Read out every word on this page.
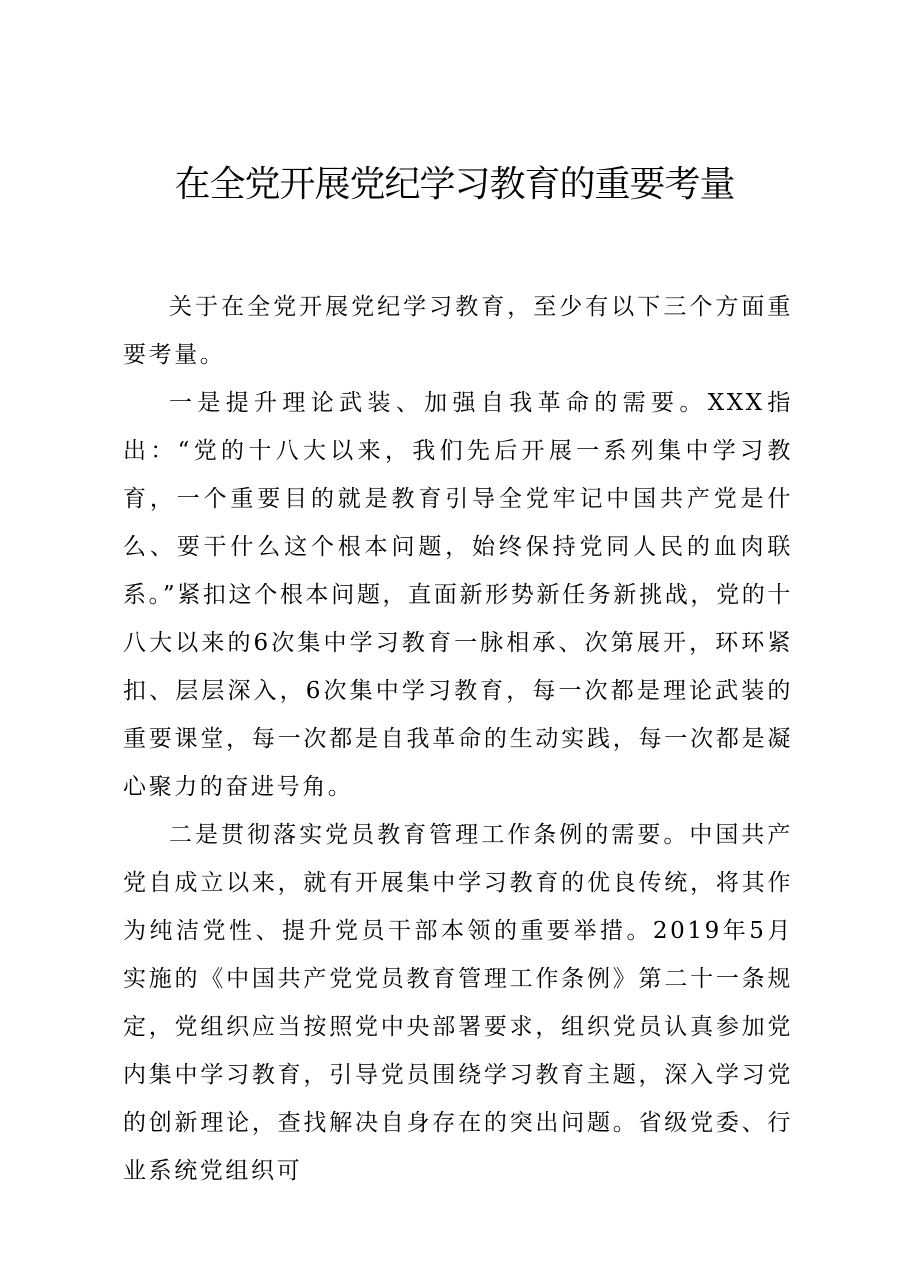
在全党开展党纪学习教育的重要考量

关于在全党开展党纪学习教育，至少有以下三个方面重要考量。

一是提升理论武装、加强自我革命的需要。XXX指出：“党的十八大以来，我们先后开展一系列集中学习教育，一个重要目的就是教育引导全党牢记中国共产党是什么、要干什么这个根本问题，始终保持党同人民的血肉联系。”紧扣这个根本问题，直面新形势新任务新挑战，党的十八大以来的6次集中学习教育一脉相承、次第展开，环环紧扣、层层深入，6次集中学习教育，每一次都是理论武装的重要课堂，每一次都是自我革命的生动实践，每一次都是凝心聚力的奋进号角。

二是贯彻落实党员教育管理工作条例的需要。中国共产党自成立以来，就有开展集中学习教育的优良传统，将其作为纯洁党性、提升党员干部本领的重要举措。2019年5月实施的《中国共产党党员教育管理工作条例》第二十一条规定，党组织应当按照党中央部署要求，组织党员认真参加党内集中学习教育，引导党员围绕学习教育主题，深入学习党的创新理论，查找解决自身存在的突出问题。省级党委、行业系统党组织可
